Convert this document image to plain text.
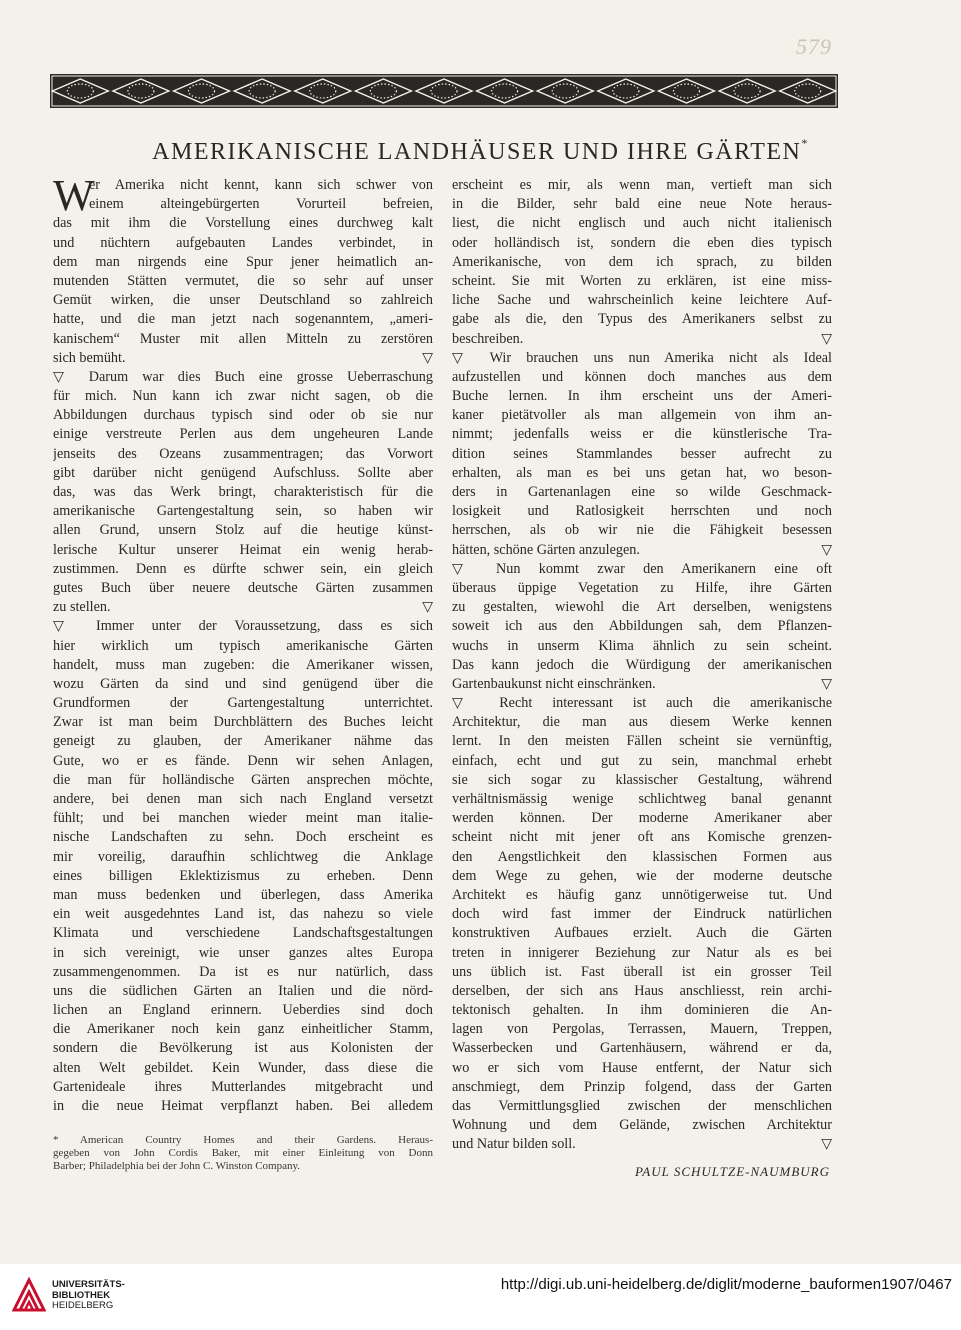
579
AMERIKANISCHE LANDHÄUSER UND IHRE GÄRTEN*
W
er Amerika nicht kennt, kann sich schwer von
einem alteingebürgerten Vorurteil befreien,
das mit ihm die Vorstellung eines durchweg kalt
und nüchtern aufgebauten Landes verbindet, in
dem man nirgends eine Spur jener heimatlich an-
mutenden Stätten vermutet, die so sehr auf unser
Gemüt wirken, die unser Deutschland so zahlreich
hatte, und die man jetzt nach sogenanntem, „ameri-
kanischem“ Muster mit allen Mitteln zu zerstören
sich bemüht.	▽
▽ Darum war dies Buch eine grosse Ueberraschung
für mich. Nun kann ich zwar nicht sagen, ob die
Abbildungen durchaus typisch sind oder ob sie nur
einige verstreute Perlen aus dem ungeheuren Lande
jenseits des Ozeans zusammentragen; das Vorwort
gibt darüber nicht genügend Aufschluss. Sollte aber
das, was das Werk bringt, charakteristisch für die
amerikanische Gartengestaltung sein, so haben wir
allen Grund, unsern Stolz auf die heutige künst-
lerische Kultur unserer Heimat ein wenig herab-
zustimmen. Denn es dürfte schwer sein, ein gleich
gutes Buch über neuere deutsche Gärten zusammen
zu stellen.	▽
▽ Immer unter der Voraussetzung, dass es sich
hier wirklich um typisch amerikanische Gärten
handelt, muss man zugeben: die Amerikaner wissen,
wozu Gärten da sind und sind genügend über die
Grundformen der Gartengestaltung unterrichtet.
Zwar ist man beim Durchblättern des Buches leicht
geneigt zu glauben, der Amerikaner nähme das
Gute, wo er es fände. Denn wir sehen Anlagen,
die man für holländische Gärten ansprechen möchte,
andere, bei denen man sich nach England versetzt
fühlt; und bei manchen wieder meint man italie-
nische Landschaften zu sehn. Doch erscheint es
mir voreilig, daraufhin schlichtweg die Anklage
eines billigen Eklektizismus zu erheben. Denn
man muss bedenken und überlegen, dass Amerika
ein weit ausgedehntes Land ist, das nahezu so viele
Klimata und verschiedene Landschaftsgestaltungen
in sich vereinigt, wie unser ganzes altes Europa
zusammengenommen. Da ist es nur natürlich, dass
uns die südlichen Gärten an Italien und die nörd-
lichen an England erinnern. Ueberdies sind doch
die Amerikaner noch kein ganz einheitlicher Stamm,
sondern die Bevölkerung ist aus Kolonisten der
alten Welt gebildet. Kein Wunder, dass diese die
Gartenideale ihres Mutterlandes mitgebracht und
in die neue Heimat verpflanzt haben. Bei alledem
erscheint es mir, als wenn man, vertieft man sich
in die Bilder, sehr bald eine neue Note heraus-
liest, die nicht englisch und auch nicht italienisch
oder holländisch ist, sondern die eben dies typisch
Amerikanische, von dem ich sprach, zu bilden
scheint. Sie mit Worten zu erklären, ist eine miss-
liche Sache und wahrscheinlich keine leichtere Auf-
gabe als die, den Typus des Amerikaners selbst zu
beschreiben.	▽
▽ Wir brauchen uns nun Amerika nicht als Ideal
aufzustellen und können doch manches aus dem
Buche lernen. In ihm erscheint uns der Ameri-
kaner pietätvoller als man allgemein von ihm an-
nimmt; jedenfalls weiss er die künstlerische Tra-
dition seines Stammlandes besser aufrecht zu
erhalten, als man es bei uns getan hat, wo beson-
ders in Gartenanlagen eine so wilde Geschmack-
losigkeit und Ratlosigkeit herrschten und noch
herrschen, als ob wir nie die Fähigkeit besessen
hätten, schöne Gärten anzulegen.	▽
▽ Nun kommt zwar den Amerikanern eine oft
überaus üppige Vegetation zu Hilfe, ihre Gärten
zu gestalten, wiewohl die Art derselben, wenigstens
soweit ich aus den Abbildungen sah, dem Pflanzen-
wuchs in unserm Klima ähnlich zu sein scheint.
Das kann jedoch die Würdigung der amerikanischen
Gartenbaukunst nicht einschränken.	▽
▽ Recht interessant ist auch die amerikanische
Architektur, die man aus diesem Werke kennen
lernt. In den meisten Fällen scheint sie vernünftig,
einfach, echt und gut zu sein, manchmal erhebt
sie sich sogar zu klassischer Gestaltung, während
verhältnismässig wenige schlichtweg banal genannt
werden können. Der moderne Amerikaner aber
scheint nicht mit jener oft ans Komische grenzen-
den Aengstlichkeit den klassischen Formen aus
dem Wege zu gehen, wie der moderne deutsche
Architekt es häufig ganz unnötigerweise tut. Und
doch wird fast immer der Eindruck natürlichen
konstruktiven Aufbaues erzielt. Auch die Gärten
treten in innigerer Beziehung zur Natur als es bei
uns üblich ist. Fast überall ist ein grosser Teil
derselben, der sich ans Haus anschliesst, rein archi-
tektonisch gehalten. In ihm dominieren die An-
lagen von Pergolas, Terrassen, Mauern, Treppen,
Wasserbecken und Gartenhäusern, während er da,
wo er sich vom Hause entfernt, der Natur sich
anschmiegt, dem Prinzip folgend, dass der Garten
das Vermittlungsglied zwischen der menschlichen
Wohnung und dem Gelände, zwischen Architektur
und Natur bilden soll.	▽
* American Country Homes and their Gardens. Heraus-
gegeben von John Cordis Baker, mit einer Einleitung von Donn
Barber; Philadelphia bei der John C. Winston Company.	PAUL SCHULTZE-NAUMBURG
UNIVERSITÄTS-
BIBLIOTHEK
HEIDELBERG
http://digi.ub.uni-heidelberg.de/diglit/moderne_bauformen1907/0467
